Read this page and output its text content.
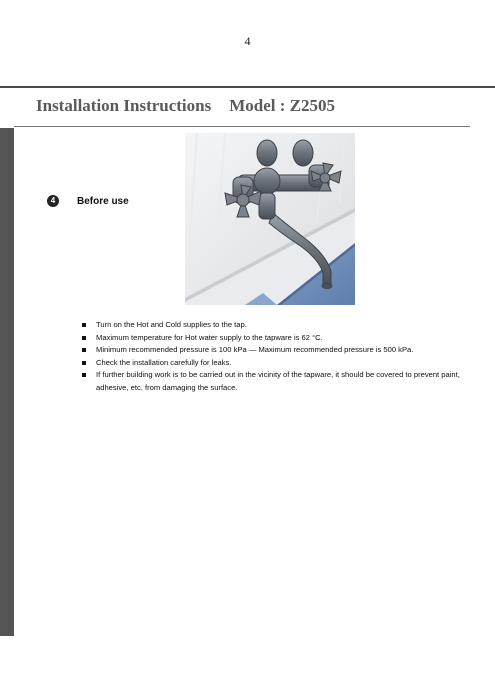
4
Installation Instructions Model : Z2505
4	Before use
Turn on the Hot and Cold supplies to the tap.
Maximum temperature for Hot water supply to the tapware is 62 °C.
Minimum recommended pressure is 100 kPa — Maximum recommended pressure is 500 kPa.
Check the installation carefully for leaks.
If further building work is to be carried out in the vicinity of the tapware, it should be covered to prevent paint, adhesive, etc. from damaging the surface.
